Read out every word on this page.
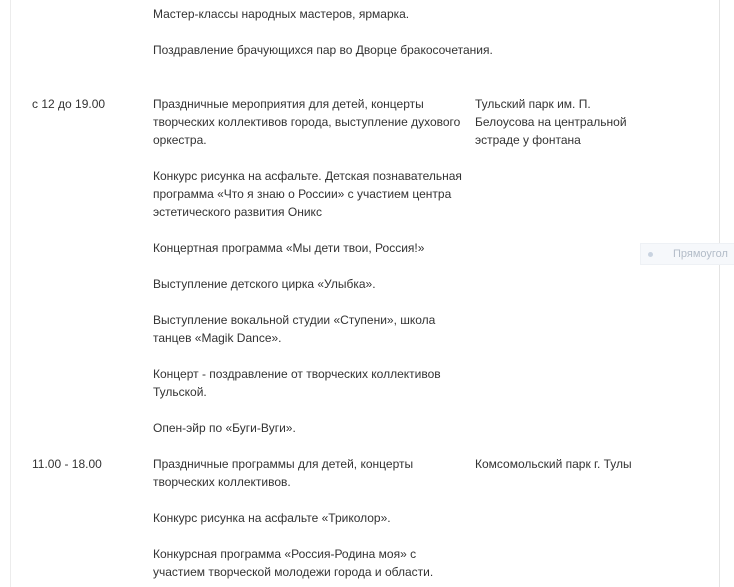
Мастер-классы народных мастеров, ярмарка.

Поздравление брачующихся пар во Дворце бракосочетания.

с 12 до 19.00	Тульский парк им. П. Белоусова на центральной эстраде у фонтана

Праздничные мероприятия для детей, концерты творческих коллективов города, выступление духового оркестра.

Конкурс рисунка на асфальте. Детская познавательная программа «Что я знаю о России» с участием центра эстетического развития Оникс

Концертная программа «Мы дети твои, Россия!»

Выступление детского цирка «Улыбка».

Выступление вокальной студии «Ступени», школа танцев «Magik Dance».

Концерт - поздравление от творческих коллективов Тульской.

Опен-эйр по «Буги-Вуги».

11.00 - 18.00	Комсомольский парк г. Тулы

Праздничные программы для детей, концерты творческих коллективов.

Конкурс рисунка на асфальте «Триколор».

Конкурсная программа «Россия-Родина моя» с участием творческой молодежи города и области.

Прямоугол
